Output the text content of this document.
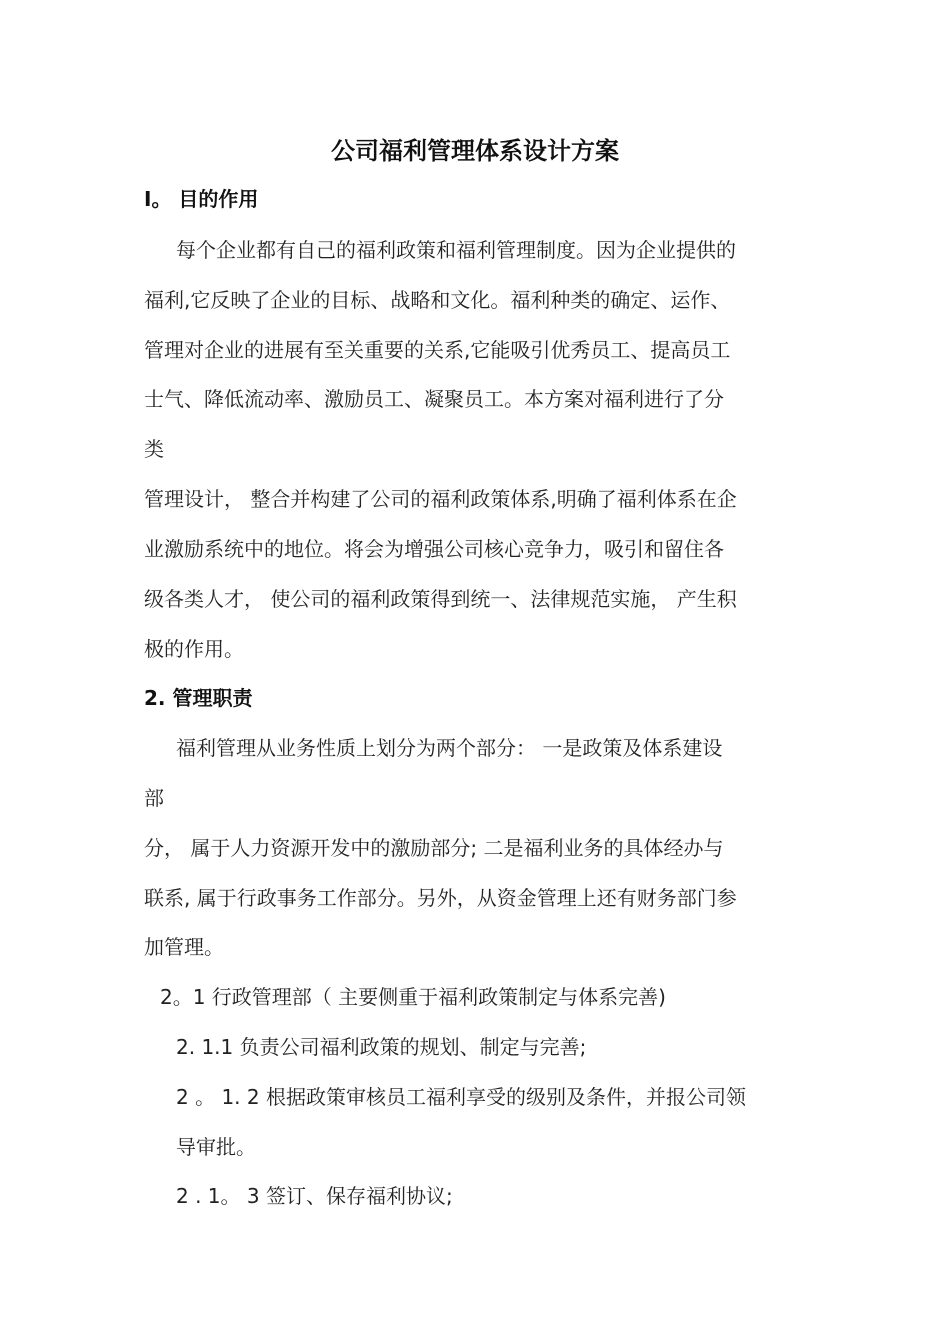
公司福利管理体系设计方案
I。 目的作用
每个企业都有自己的福利政策和福利管理制度。因为企业提供的
福利,它反映了企业的目标、战略和文化。福利种类的确定、运作、
管理对企业的进展有至关重要的关系,它能吸引优秀员工、提高员工
士气、降低流动率、激励员工、凝聚员工。本方案对福利进行了分
类
管理设计， 整合并构建了公司的福利政策体系,明确了福利体系在企
业激励系统中的地位。将会为增强公司核心竞争力，吸引和留住各
级各类人才， 使公司的福利政策得到统一、法律规范实施， 产生积
极的作用。
2. 管理职责
福利管理从业务性质上划分为两个部分： 一是政策及体系建设
部
分， 属于人力资源开发中的激励部分; 二是福利业务的具体经办与
联系, 属于行政事务工作部分。另外，从资金管理上还有财务部门参
加管理。
2。1 行政管理部（ 主要侧重于福利政策制定与体系完善)
2. 1.1 负责公司福利政策的规划、制定与完善;
2 。 1. 2 根据政策审核员工福利享受的级别及条件，并报公司领
导审批。
2 . 1。 3 签订、保存福利协议;
